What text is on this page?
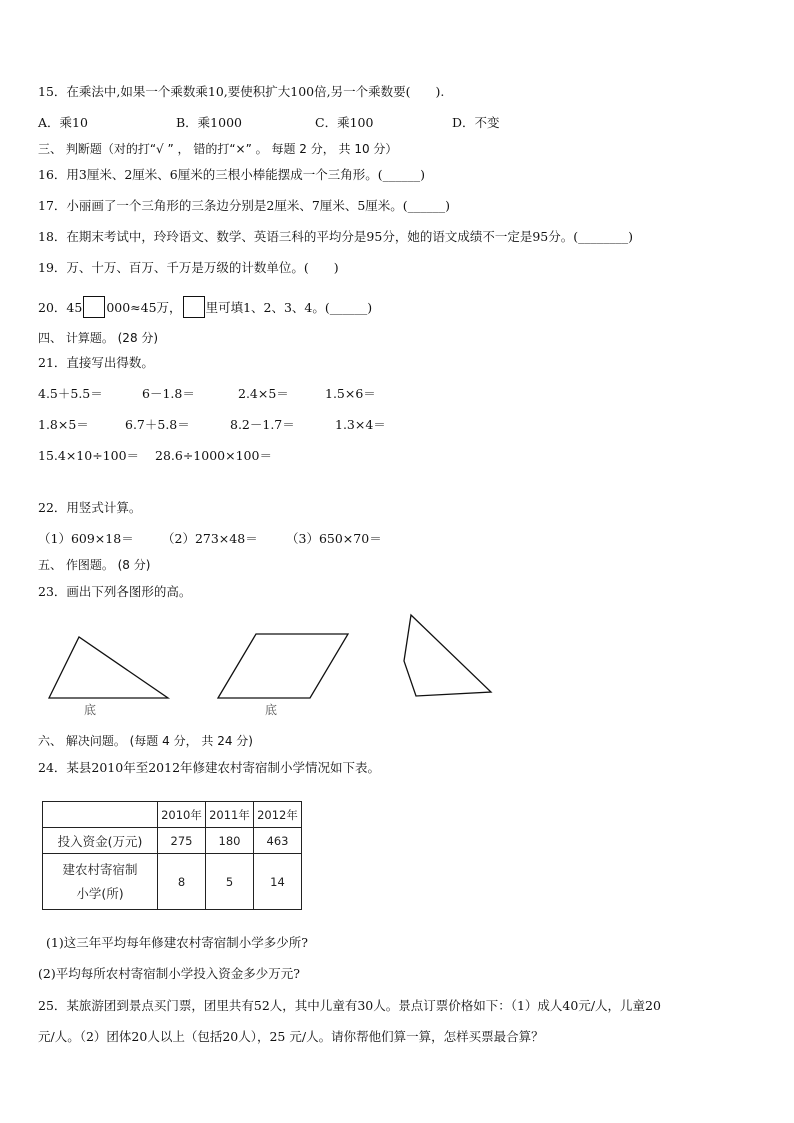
15．在乘法中,如果一个乘数乘10,要使积扩大100倍,另一个乘数要(　　).
A．乘10	B．乘1000	C．乘100	D．不变
三、 判断题（对的打“√ ” ， 错的打“×” 。 每题 2 分， 共 10 分）
16．用3厘米、2厘米、6厘米的三根小棒能摆成一个三角形。(______)
17．小丽画了一个三角形的三条边分别是2厘米、7厘米、5厘米。(______)
18．在期末考试中，玲玲语文、数学、英语三科的平均分是95分，她的语文成绩不一定是95分。(________)
19．万、十万、百万、千万是万级的计数单位。(　　)
20．45 000≈45万， 里可填1、2、3、4。(______)
四、 计算题。 (28 分)
21．直接写出得数。
4.5＋5.5＝	6－1.8＝	2.4×5＝	1.5×6＝
1.8×5＝	6.7＋5.8＝	8.2－1.7＝	1.3×4＝
15.4×10÷100＝ 28.6÷1000×100＝
22．用竖式计算。
（1）609×18＝ （2）273×48＝ （3）650×70＝
五、 作图题。 (8 分)
23．画出下列各图形的高。
底	底
六、 解决问题。 (每题 4 分， 共 24 分)
24．某县2010年至2012年修建农村寄宿制小学情况如下表。
	2010年	2011年	2012年
投入资金(万元)	275	180	463

建农村寄宿制
小学(所)	8	5	14
(1)这三年平均每年修建农村寄宿制小学多少所?
(2)平均每所农村寄宿制小学投入资金多少万元?
25．某旅游团到景点买门票，团里共有52人，其中儿童有30人。景点订票价格如下：（1）成人40元/人，儿童20
元/人。（2）团体20人以上（包括20人），25 元/人。请你帮他们算一算，怎样买票最合算？
